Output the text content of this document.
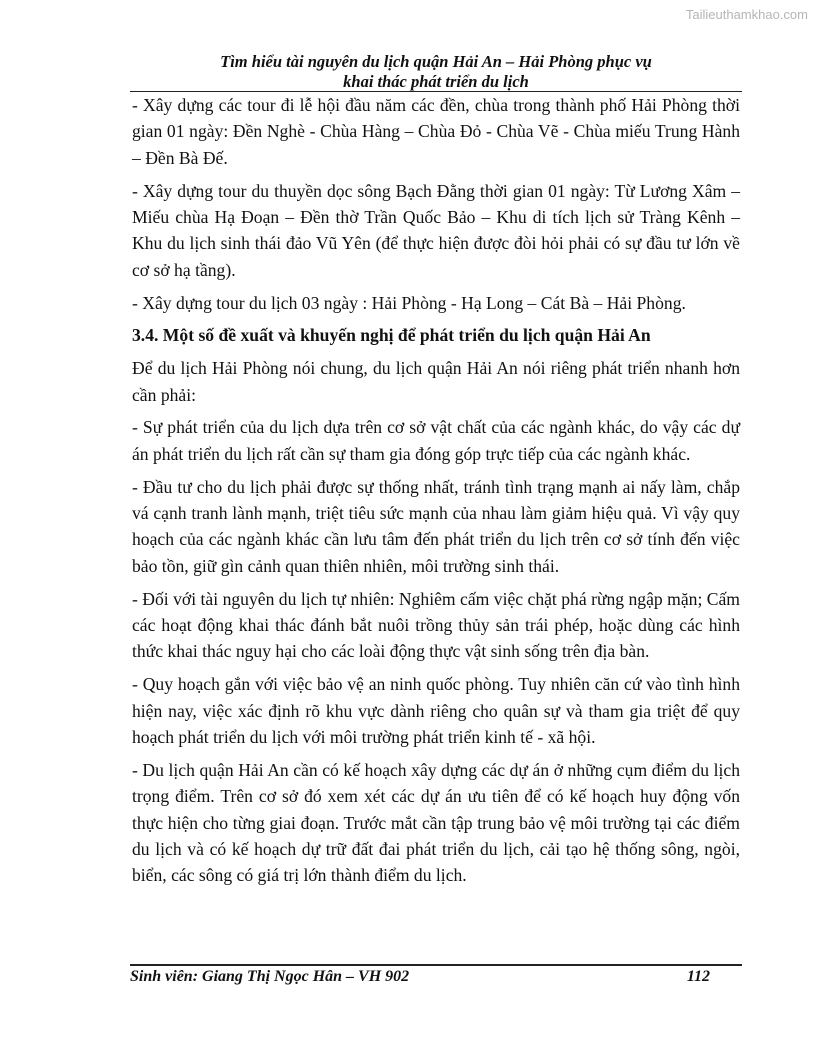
Tailieuthamkhao.com
Tìm hiểu tài nguyên du lịch quận Hải An – Hải Phòng phục vụ
khai thác phát triển du lịch

- Xây dựng các tour đi lễ hội đầu năm các đền, chùa trong thành phố Hải Phòng thời gian 01 ngày: Đền Nghè - Chùa Hàng – Chùa Đỏ - Chùa Vẽ - Chùa miếu Trung Hành – Đền Bà Đế.

- Xây dựng tour du thuyền dọc sông Bạch Đằng thời gian 01 ngày: Từ Lương Xâm – Miếu chùa Hạ Đoạn – Đền thờ Trần Quốc Bảo – Khu di tích lịch sử Tràng Kênh – Khu du lịch sinh thái đảo Vũ Yên (để thực hiện được đòi hỏi phải có sự đầu tư lớn về cơ sở hạ tầng).

- Xây dựng tour du lịch 03 ngày : Hải Phòng - Hạ Long – Cát Bà – Hải Phòng.

3.4. Một số đề xuất và khuyến nghị để phát triển du lịch quận Hải An

Để du lịch Hải Phòng nói chung, du lịch quận Hải An nói riêng phát triển nhanh hơn cần phải:

- Sự phát triển của du lịch dựa trên cơ sở vật chất của các ngành khác, do vậy các dự án phát triển du lịch rất cần sự tham gia đóng góp trực tiếp của các ngành khác.

- Đầu tư cho du lịch phải được sự thống nhất, tránh tình trạng mạnh ai nấy làm, chắp vá cạnh tranh lành mạnh, triệt tiêu sức mạnh của nhau làm giảm hiệu quả. Vì vậy quy hoạch của các ngành khác cần lưu tâm đến phát triển du lịch trên cơ sở tính đến việc bảo tồn, giữ gìn cảnh quan thiên nhiên, môi trường sinh thái.

- Đối với tài nguyên du lịch tự nhiên: Nghiêm cấm việc chặt phá rừng ngập mặn; Cấm các hoạt động khai thác đánh bắt nuôi trồng thủy sản trái phép, hoặc dùng các hình thức khai thác nguy hại cho các loài động thực vật sinh sống trên địa bàn.

- Quy hoạch gắn với việc bảo vệ an ninh quốc phòng. Tuy nhiên căn cứ vào tình hình hiện nay, việc xác định rõ khu vực dành riêng cho quân sự và tham gia triệt để quy hoạch phát triển du lịch với môi trường phát triển kinh tế - xã hội.

- Du lịch quận Hải An cần có kế hoạch xây dựng các dự án ở những cụm điểm du lịch trọng điểm. Trên cơ sở đó xem xét các dự án ưu tiên để có kế hoạch huy động vốn thực hiện cho từng giai đoạn. Trước mắt cần tập trung bảo vệ môi trường tại các điểm du lịch và có kế hoạch dự trữ đất đai phát triển du lịch, cải tạo hệ thống sông, ngòi, biển, các sông có giá trị lớn thành điểm du lịch.

Sinh viên: Giang Thị Ngọc Hân – VH 902	112
